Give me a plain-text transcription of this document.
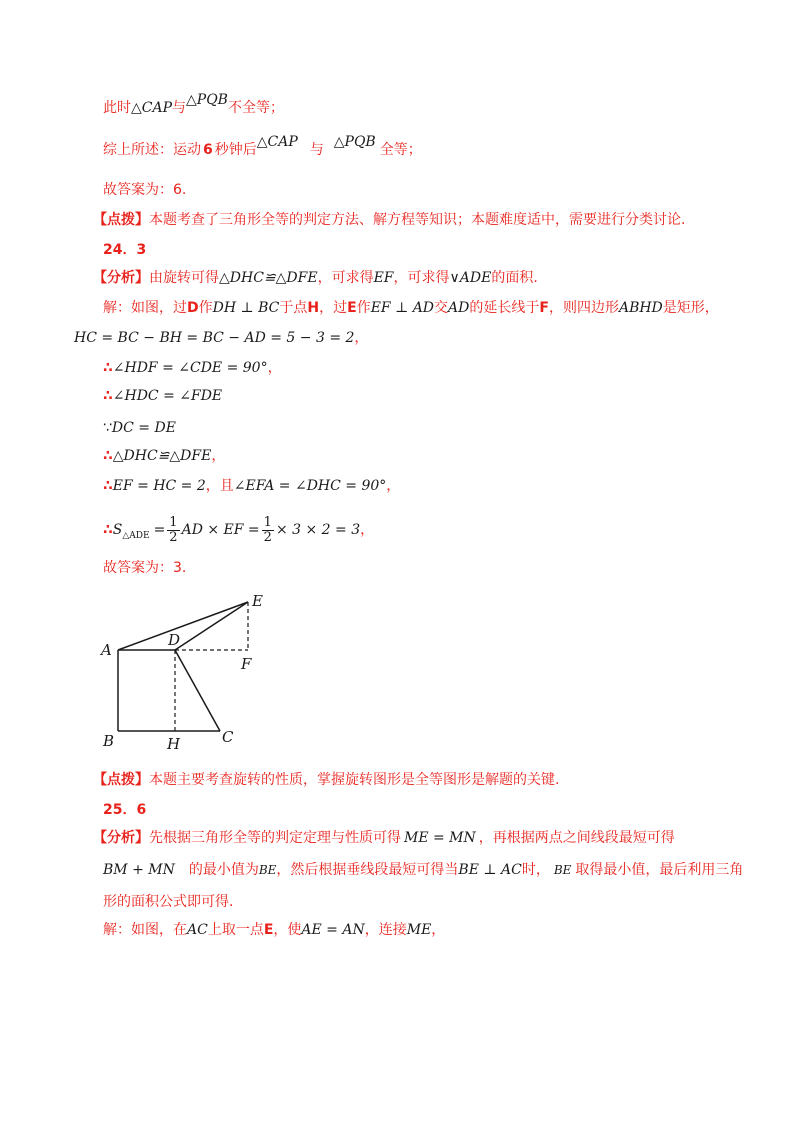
此时△CAP与△PQB不全等；
综上所述：运动 6 秒钟后△CAP 与 △PQB 全等；
故答案为：6.
【点拨】本题考查了三角形全等的判定方法、解方程等知识；本题难度适中，需要进行分类讨论.
24．3
【分析】由旋转可得△DHC≌△DFE，可求得EF，可求得∨ADE的面积.
解：如图，过D作DH ⊥ BC于点H，过E作EF ⊥ AD交AD的延长线于F，则四边形ABHD是矩形，
HC = BC − BH = BC − AD = 5 − 3 = 2，
∴∠HDF = ∠CDE = 90°，
∴∠HDC = ∠FDE
∵DC = DE
∴△DHC≌△DFE，
∴EF = HC = 2，且∠EFA = ∠DHC = 90°，
$\therefore S_{\triangle ADE} = \frac{1}{2}$ AD × EF = $\frac{1}{2} \times 3 \times 2 = 3$，
故答案为：3.
A
B	C
D
E
F
H
【点拨】本题主要考查旋转的性质，掌握旋转图形是全等图形是解题的关键.
25．6
【分析】先根据三角形全等的判定定理与性质可得 ME = MN ，再根据两点之间线段最短可得
BM + MN 的最小值为BE，然后根据垂线段最短可得当BE ⊥ AC时， BE 取得最小值，最后利用三角
形的面积公式即可得.
解：如图，在AC上取一点E，使AE = AN，连接ME，
